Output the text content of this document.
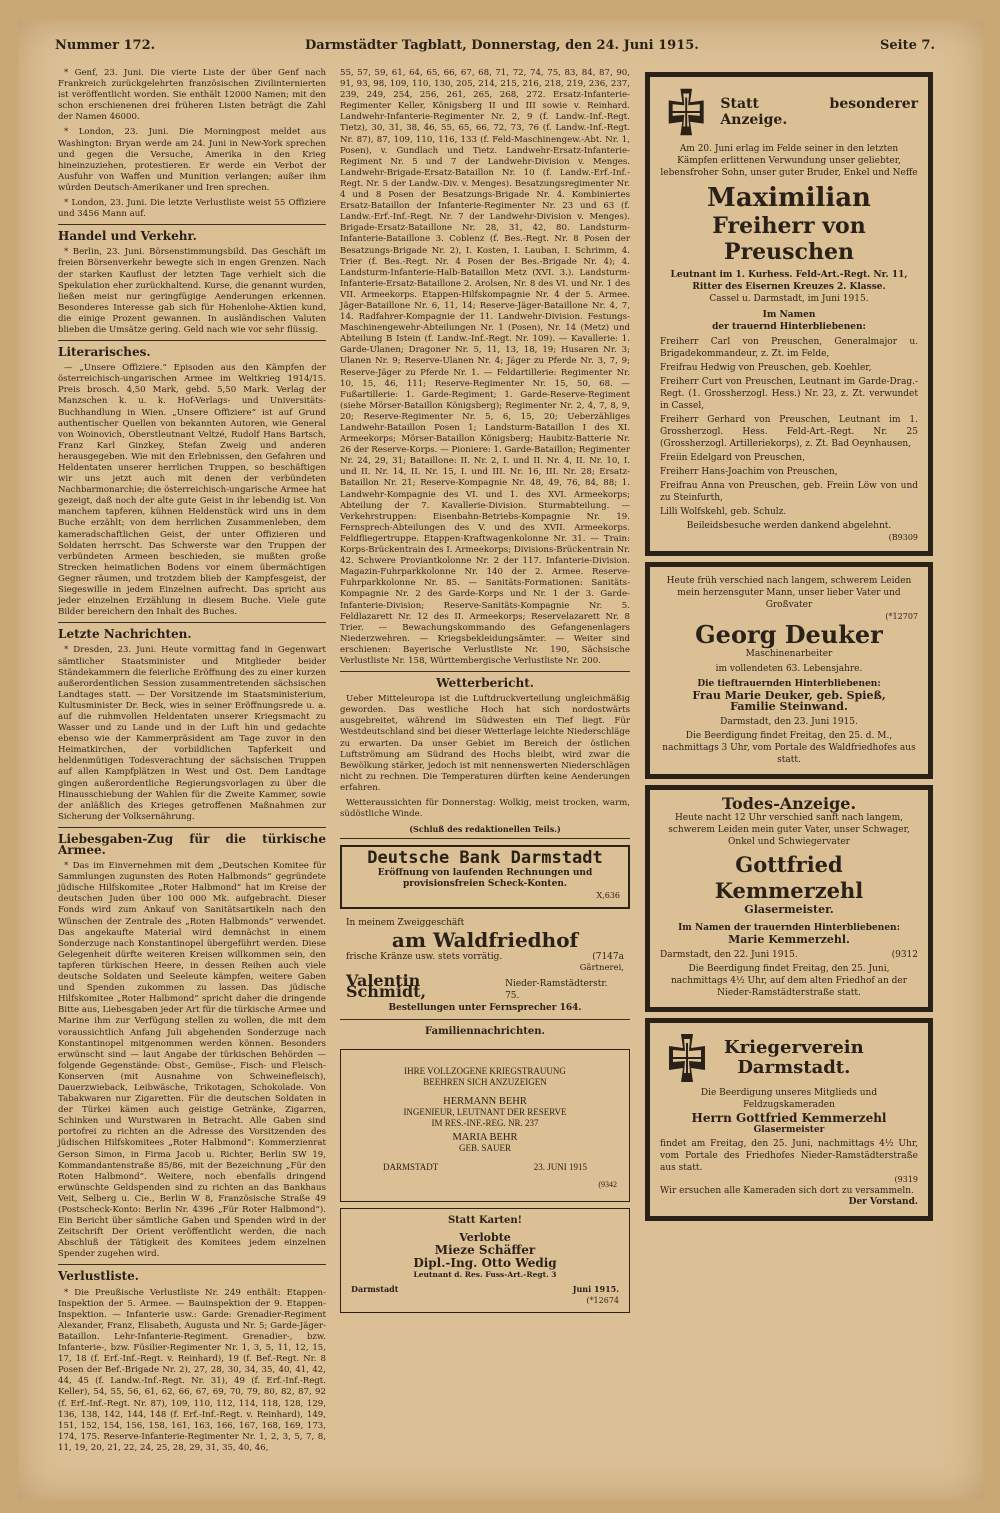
Nummer 172.	Darmstädter Tagblatt, Donnerstag, den 24. Juni 1915.	Seite 7.
* Genf, 23. Juni. Die vierte Liste der über Genf nach Frankreich zurückgelehrten französischen Zivilinternierten ist veröffentlicht worden. Sie enthält 12000 Namen; mit den schon erschienenen drei früheren Listen beträgt die Zahl der Namen 46000.
* London, 23. Juni. Die Morningpost meldet aus Washington: Bryan werde am 24. Juni in New-York sprechen und gegen die Versuche, Amerika in den Krieg hineinzuziehen, protestieren. Er werde ein Verbot der Ausfuhr von Waffen und Munition verlangen; außer ihm würden Deutsch-Amerikaner und Iren sprechen.
* London, 23. Juni. Die letzte Verlustliste weist 55 Offiziere und 3456 Mann auf.
Handel und Verkehr.
* Berlin, 23. Juni. Börsenstimmungsbild. Das Geschäft im freien Börsenverkehr bewegte sich in engen Grenzen. Nach der starken Kauflust der letzten Tage verhielt sich die Spekulation eher zurückhaltend. Kurse, die genannt wurden, ließen meist nur geringfügige Aenderungen erkennen. Besonderes Interesse gab sich für Hohenlohe-Aktien kund, die einige Prozent gewannen. In ausländischen Valuten blieben die Umsätze gering. Geld nach wie vor sehr flüssig.
Literarisches.
— „Unsere Offiziere.“ Episoden aus den Kämpfen der österreichisch-ungarischen Armee im Weltkrieg 1914/15. Preis brosch. 4,50 Mark, gebd. 5,50 Mark. Verlag der Manzschen k. u. k. Hof-Verlags- und Universitäts-Buchhandlung in Wien. „Unsere Offiziere“ ist auf Grund authentischer Quellen von bekannten Autoren, wie General von Woinovich, Oberstleutnant Veltzé, Rudolf Hans Bartsch, Franz Karl Ginzkey, Stefan Zweig und anderen herausgegeben. Wie mit den Erlebnissen, den Gefahren und Heldentaten unserer herrlichen Truppen, so beschäftigen wir uns jetzt auch mit denen der verbündeten Nachbarmonarchie; die österreichisch-ungarische Armee hat gezeigt, daß noch der alte gute Geist in ihr lebendig ist. Von manchem tapferen, kühnen Heldenstück wird uns in dem Buche erzählt; von dem herrlichen Zusammenleben, dem kameradschaftlichen Geist, der unter Offizieren und Soldaten herrscht. Das Schwerste war den Truppen der verbündeten Armeen beschieden, sie mußten große Strecken heimatlichen Bodens vor einem übermächtigen Gegner räumen, und trotzdem blieb der Kampfesgeist, der Siegeswille in jedem Einzelnen aufrecht. Das spricht aus jeder einzelnen Erzählung in diesem Buche. Viele gute Bilder bereichern den Inhalt des Buches.
Letzte Nachrichten.
* Dresden, 23. Juni. Heute vormittag fand in Gegenwart sämtlicher Staatsminister und Mitglieder beider Ständekammern die feierliche Eröffnung des zu einer kurzen außerordentlichen Session zusammentretenden sächsischen Landtages statt. — Der Vorsitzende im Staatsministerium, Kultusminister Dr. Beck, wies in seiner Eröffnungsrede u. a. auf die ruhmvollen Heldentaten unserer Kriegsmacht zu Wasser und zu Lande und in der Luft hin und gedachte ebenso wie der Kammerpräsident am Tage zuvor in den Heimatkirchen, der vorbildlichen Tapferkeit und heldenmütigen Todesverachtung der sächsischen Truppen auf allen Kampfplätzen in West und Ost. Dem Landtage gingen außerordentliche Regierungsvorlagen zu über die Hinausschiebung der Wahlen für die Zweite Kammer, sowie der anläßlich des Krieges getroffenen Maßnahmen zur Sicherung der Volksernährung.
Liebesgaben-Zug für die türkische Armee.
* Das im Einvernehmen mit dem „Deutschen Komitee für Sammlungen zugunsten des Roten Halbmonds“ gegründete jüdische Hilfskomitee „Roter Halbmond“ hat im Kreise der deutschen Juden über 100 000 Mk. aufgebracht. Dieser Fonds wird zum Ankauf von Sanitätsartikeln nach den Wünschen der Zentrale des „Roten Halbmonds“ verwendet. Das angekaufte Material wird demnächst in einem Sonderzuge nach Konstantinopel übergeführt werden. Diese Gelegenheit dürfte weiteren Kreisen willkommen sein, den tapferen türkischen Heere, in dessen Reihen auch viele deutsche Soldaten und Seeleute kämpfen, weitere Gaben und Spenden zukommen zu lassen. Das jüdische Hilfskomitee „Roter Halbmond“ spricht daher die dringende Bitte aus, Liebesgaben jeder Art für die türkische Armee und Marine ihm zur Verfügung stellen zu wollen, die mit dem voraussichtlich Anfang Juli abgehenden Sonderzuge nach Konstantinopel mitgenommen werden können. Besonders erwünscht sind — laut Angabe der türkischen Behörden — folgende Gegenstände: Obst-, Gemüse-, Fisch- und Fleisch-Konserven (mit Ausnahme von Schweinefleisch), Dauerzwieback, Leibwäsche, Trikotagen, Schokolade. Von Tabakwaren nur Zigaretten. Für die deutschen Soldaten in der Türkei kämen auch geistige Getränke, Zigarren, Schinken und Wurstwaren in Betracht. Alle Gaben sind portofrei zu richten an die Adresse des Vorsitzenden des jüdischen Hilfskomitees „Roter Halbmond“: Kommerzienrat Gerson Simon, in Firma Jacob u. Richter, Berlin SW 19, Kommandantenstraße 85/86, mit der Bezeichnung „Für den Roten Halbmond“. Weitere, noch ebenfalls dringend erwünschte Geldspenden sind zu richten an das Bankhaus Veit, Selberg u. Cie., Berlin W 8, Französische Straße 49 (Postscheck-Konto: Berlin Nr. 4396 „Für Roter Halbmond“). Ein Bericht über sämtliche Gaben und Spenden wird in der Zeitschrift Der Orient veröffentlicht werden, die nach Abschluß der Tätigkeit des Komitees jedem einzelnen Spender zugehen wird.
Verlustliste.
* Die Preußische Verlustliste Nr. 249 enthält: Etappen-Inspektion der 5. Armee. — Bauinspektion der 9. Etappen-Inspektion. — Infanterie usw.: Garde: Grenadier-Regiment Alexander, Franz, Elisabeth, Augusta und Nr. 5; Garde-Jäger-Bataillon. Lehr-Infanterie-Regiment. Grenadier-, bzw. Infanterie-, bzw. Füsilier-Regimenter Nr. 1, 3, 5, 11, 12, 15, 17, 18 (f. Erf.-Inf.-Regt. v. Reinhard), 19 (f. Bef.-Regt. Nr. 8 Posen der Bef.-Brigade Nr. 2), 27, 28, 30, 34, 35, 40, 41, 42, 44, 45 (f. Landw.-Inf.-Regt. Nr. 31), 49 (f. Erf.-Inf.-Regt. Keller), 54, 55, 56, 61, 62, 66, 67, 69, 70, 79, 80, 82, 87, 92 (f. Erf.-Inf.-Regt. Nr. 87), 109, 110, 112, 114, 118, 128, 129, 136, 138, 142, 144, 148 (f. Erf.-Inf.-Regt. v. Reinhard), 149, 151, 152, 154, 156, 158, 161, 163, 166, 167, 168, 169, 173, 174, 175. Reserve-Infanterie-Regimenter Nr. 1, 2, 3, 5, 7, 8, 11, 19, 20, 21, 22, 24, 25, 28, 29, 31, 35, 40, 46,
55, 57, 59, 61, 64, 65, 66, 67, 68, 71, 72, 74, 75, 83, 84, 87, 90, 91, 93, 98, 109, 110, 130, 205, 214, 215, 216, 218, 219, 236, 237, 239, 249, 254, 256, 261, 265, 268, 272. Ersatz-Infanterie-Regimenter Keller, Königsberg II und III sowie v. Reinhard. Landwehr-Infanterie-Regimenter Nr. 2, 9 (f. Landw.-Inf.-Regt. Tietz), 30, 31, 38, 46, 55, 65, 66, 72, 73, 76 (f. Landw.-Inf.-Regt. Nr. 87), 87, 109, 110, 116, 133 (f. Feld-Maschinengew.-Abt. Nr. 1, Posen), v. Gundlach und Tietz. Landwehr-Ersatz-Infanterie-Regiment Nr. 5 und 7 der Landwehr-Division v. Menges. Landwehr-Brigade-Ersatz-Bataillon Nr. 10 (f. Landw.-Erf.-Inf.-Regt. Nr. 5 der Landw.-Div. v. Menges). Besatzungsregimenter Nr. 4 und 8 Posen der Besatzungs-Brigade Nr. 4. Kombiniertes Ersatz-Bataillon der Infanterie-Regimenter Nr. 23 und 63 (f. Landw.-Erf.-Inf.-Regt. Nr. 7 der Landwehr-Division v. Menges). Brigade-Ersatz-Bataillone Nr. 28, 31, 42, 80. Landsturm-Infanterie-Bataillone 3. Coblenz (f. Bes.-Regt. Nr. 8 Posen der Besatzungs-Brigade Nr. 2), I. Kosten, I. Lauban, I. Schrimm, 4. Trier (f. Bes.-Regt. Nr. 4 Posen der Bes.-Brigade Nr. 4); 4. Landsturm-Infanterie-Halb-Bataillon Metz (XVI. 3.). Landsturm-Infanterie-Ersatz-Bataillone 2. Arolsen, Nr. 8 des VI. und Nr. 1 des VII. Armeekorps. Etappen-Hilfskompagnie Nr. 4 der 5. Armee. Jäger-Bataillone Nr. 6, 11, 14; Reserve-Jäger-Bataillone Nr. 4, 7, 14. Radfahrer-Kompagnie der 11. Landwehr-Division. Festungs-Maschinengewehr-Abteilungen Nr. 1 (Posen), Nr. 14 (Metz) und Abteilung B Istein (f. Landw.-Inf.-Regt. Nr. 109). — Kavallerie: 1. Garde-Ulanen; Dragoner Nr. 5, 11, 13, 18, 19; Husaren Nr. 3; Ulanen Nr. 9; Reserve-Ulanen Nr. 4; Jäger zu Pferde Nr. 3, 7, 9; Reserve-Jäger zu Pferde Nr. 1. — Feldartillerie: Regimenter Nr. 10, 15, 46, 111; Reserve-Regimenter Nr. 15, 50, 68. — Fußartillerie: 1. Garde-Regiment; 1. Garde-Reserve-Regiment (siehe Mörser-Bataillon Königsberg); Regimenter Nr. 2, 4, 7, 8, 9, 20; Reserve-Regimenter Nr. 5, 6, 15, 20; Ueberzähliges Landwehr-Bataillon Posen 1; Landsturm-Bataillon I des XI. Armeekorps; Mörser-Bataillon Königsberg; Haubitz-Batterie Nr. 26 der Reserve-Korps. — Pioniere: 1. Garde-Bataillon; Regimenter Nr. 24, 29, 31; Bataillone: II. Nr. 2, I. und II. Nr. 4, II. Nr. 10, I. und II. Nr. 14, II. Nr. 15, I. und III. Nr. 16, III. Nr. 28; Ersatz-Bataillon Nr. 21; Reserve-Kompagnie Nr. 48, 49, 76, 84, 88; 1. Landwehr-Kompagnie des VI. und 1. des XVI. Armeekorps; Abteilung der 7. Kavallerie-Division. Sturmabteilung. — Verkehrstruppen: Eisenbahn-Betriebs-Kompagnie Nr. 19. Fernsprech-Abteilungen des V. und des XVII. Armeekorps. Feldfliegertruppe. Etappen-Kraftwagenkolonne Nr. 31. — Train: Korps-Brückentrain des I. Armeekorps; Divisions-Brückentrain Nr. 42. Schwere Proviantkolonne Nr. 2 der 117. Infanterie-Division. Magazin-Fuhrparkkolonne Nr. 140 der 2. Armee. Reserve-Fuhrparkkolonne Nr. 85. — Sanitäts-Formationen: Sanitäts-Kompagnie Nr. 2 des Garde-Korps und Nr. 1 der 3. Garde-Infanterie-Division; Reserve-Sanitäts-Kompagnie Nr. 5. Feldlazarett Nr. 12 des II. Armeekorps; Reservelazarett Nr. 8 Trier. — Bewachungskommando des Gefangenenlagers Niederzwehren. — Kriegsbekleidungsämter. — Weiter sind erschienen: Bayerische Verlustliste Nr. 190, Sächsische Verlustliste Nr. 158, Württembergische Verlustliste Nr. 200.
Wetterbericht.
Ueber Mitteleuropa ist die Luftdruckverteilung ungleichmäßig geworden. Das westliche Hoch hat sich nordostwärts ausgebreitet, während im Südwesten ein Tief liegt. Für Westdeutschland sind bei dieser Wetterlage leichte Niederschläge zu erwarten. Da unser Gebiet im Bereich der östlichen Luftströmung am Südrand des Hochs bleibt, wird zwar die Bewölkung stärker, jedoch ist mit nennenswerten Niederschlägen nicht zu rechnen. Die Temperaturen dürften keine Aenderungen erfahren.
Wetteraussichten für Donnerstag: Wolkig, meist trocken, warm, südöstliche Winde.
(Schluß des redaktionellen Teils.)
Deutsche Bank Darmstadt
Eröffnung von laufenden Rechnungen und provisionsfreien Scheck-Konten.
X,636
In meinem Zweiggeschäft
am Waldfriedhof
frische Kränze usw. stets vorrätig.	(7147a
Gärtnerei,
Valentin Schmidt,	Nieder-Ramstädterstr. 75.
Bestellungen unter Fernsprecher 164.
Familiennachrichten.
IHRE VOLLZOGENE KRIEGSTRAUUNG
BEEHREN SICH ANZUZEIGEN
HERMANN BEHR
INGENIEUR, LEUTNANT DER RESERVE
IM RES.-INF.-REG. NR. 237
MARIA BEHR
GEB. SAUER
DARMSTADT	23. JUNI 1915
(9342
Statt Karten!
Verlobte
Mieze Schäffer
Dipl.-Ing. Otto Wedig
Leutnant d. Res. Fuss-Art.-Regt. 3
Darmstadt	Juni 1915.
(*12674
Statt besonderer Anzeige.
Am 20. Juni erlag im Felde seiner in den letzten Kämpfen erlittenen Verwundung unser geliebter, lebensfroher Sohn, unser guter Bruder, Enkel und Neffe
Maximilian
Freiherr von Preuschen
Leutnant im 1. Kurhess. Feld-Art.-Regt. Nr. 11,
Ritter des Eisernen Kreuzes 2. Klasse.
Cassel u. Darmstadt, im Juni 1915.
Im Namen
der trauernd Hinterbliebenen:
Freiherr Carl von Preuschen, Generalmajor u. Brigadekommandeur, z. Zt. im Felde,
Freifrau Hedwig von Preuschen, geb. Koehler,
Freiherr Curt von Preuschen, Leutnant im Garde-Drag.-Regt. (1. Grossherzogl. Hess.) Nr. 23, z. Zt. verwundet in Cassel,
Freiherr Gerhard von Preuschen, Leutnant im 1. Grossherzogl. Hess. Feld-Art.-Regt. Nr. 25 (Grossherzogl. Artilleriekorps), z. Zt. Bad Oeynhausen,
Freiin Edelgard von Preuschen,
Freiherr Hans-Joachim von Preuschen,
Freifrau Anna von Preuschen, geb. Freiin Löw von und zu Steinfurth,
Lilli Wolfskehl, geb. Schulz.
Beileidsbesuche werden dankend abgelehnt.
(B9309
Heute früh verschied nach langem, schwerem Leiden mein herzensguter Mann, unser lieber Vater und Großvater
(*12707
Georg Deuker
Maschinenarbeiter
im vollendeten 63. Lebensjahre.
Die tieftrauernden Hinterbliebenen:
Frau Marie Deuker, geb. Spieß,
Familie Steinwand.
Darmstadt, den 23. Juni 1915.
Die Beerdigung findet Freitag, den 25. d. M., nachmittags 3 Uhr, vom Portale des Waldfriedhofes aus statt.
Todes-Anzeige.
Heute nacht 12 Uhr verschied sanft nach langem, schwerem Leiden mein guter Vater, unser Schwager, Onkel und Schwiegervater
Gottfried Kemmerzehl
Glasermeister.
Im Namen der trauernden Hinterbliebenen:
Marie Kemmerzehl.
Darmstadt, den 22. Juni 1915.	(9312
Die Beerdigung findet Freitag, den 25. Juni, nachmittags 4½ Uhr, auf dem alten Friedhof an der Nieder-Ramstädterstraße statt.
Kriegerverein
Darmstadt.
Die Beerdigung unseres Mitglieds und Feldzugskameraden
Herrn Gottfried Kemmerzehl
Glasermeister
findet am Freitag, den 25. Juni, nachmittags 4½ Uhr, vom Portale des Friedhofes Nieder-Ramstädterstraße aus statt.
(9319
Wir ersuchen alle Kameraden sich dort zu versammeln.
Der Vorstand.
